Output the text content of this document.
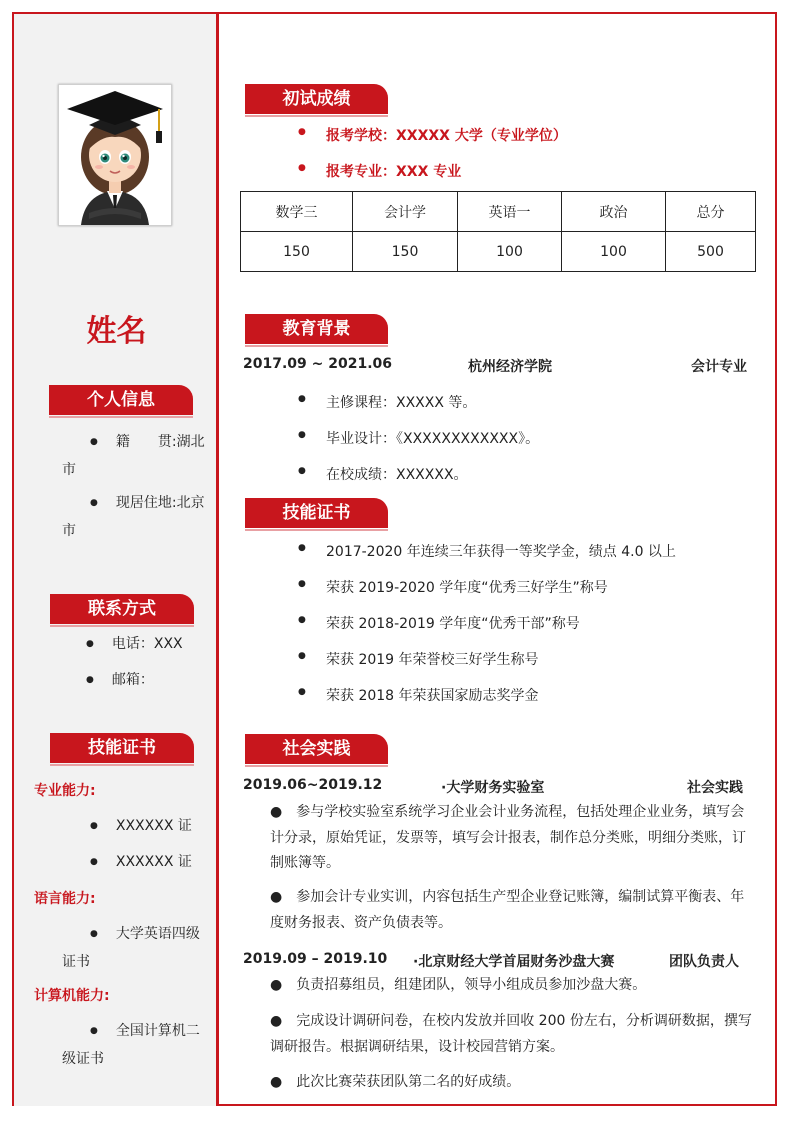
姓名
个人信息
● 籍　　贯:湖北
市
● 现居住地:北京
市
联系方式
● 电话：XXX
● 邮箱：
技能证书
专业能力:
● XXXXXX 证
● XXXXXX 证
语言能力:
● 大学英语四级
证书
计算机能力:
● 全国计算机二
级证书
初试成绩
● 报考学校：XXXXX 大学（专业学位）
● 报考专业：XXX 专业
数学三	会计学	英语一	政治	总分
150	150	100	100	500
教育背景
2017.09 ~ 2021.06	杭州经济学院	会计专业
● 主修课程：XXXXX 等。
● 毕业设计：《XXXXXXXXXXXX》。
● 在校成绩：XXXXXX。
技能证书
● 2017-2020 年连续三年获得一等奖学金，绩点 4.0 以上
● 荣获 2019-2020 学年度“优秀三好学生”称号
● 荣获 2018-2019 学年度“优秀干部”称号
● 荣获 2019 年荣誉校三好学生称号
● 荣获 2018 年荣获国家励志奖学金
社会实践
2019.06~2019.12	·大学财务实验室	社会实践
●　参与学校实验室系统学习企业会计业务流程，包括处理企业业务，填写会计分录，原始凭证，发票等，填写会计报表，制作总分类账，明细分类账，订制账簿等。
●　参加会计专业实训，内容包括生产型企业登记账簿，编制试算平衡表、年度财务报表、资产负债表等。
2019.09 – 2019.10 ·北京财经大学首届财务沙盘大赛	团队负责人
●　负责招募组员，组建团队，领导小组成员参加沙盘大赛。
●　完成设计调研问卷，在校内发放并回收 200 份左右，分析调研数据，撰写调研报告。根据调研结果，设计校园营销方案。
●　此次比赛荣获团队第二名的好成绩。
